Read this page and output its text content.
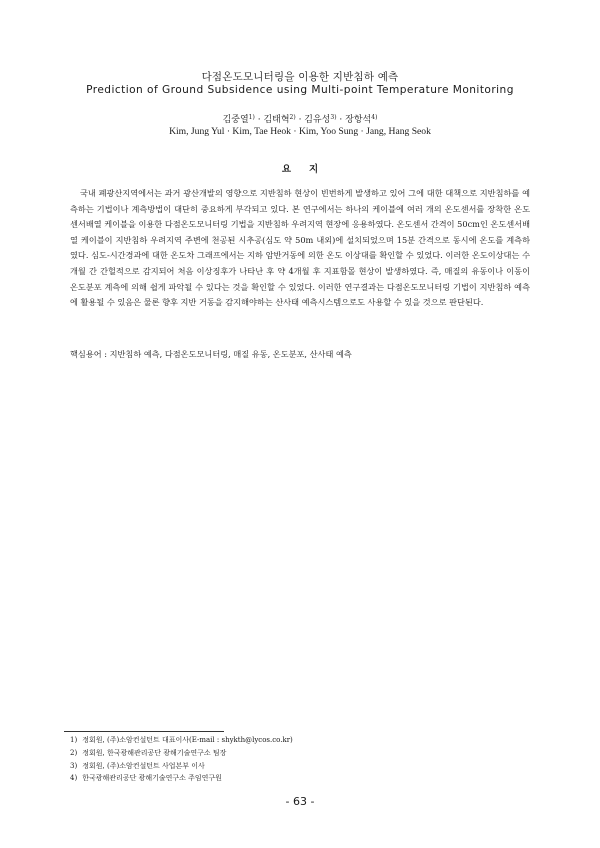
다점온도모니터링을 이용한 지반침하 예측
Prediction of Ground Subsidence using Multi-point Temperature Monitoring
김중열$^{1)}$ · 김태혁$^{2)}$ · 김유성$^{3)}$ · 장항석$^{4)}$
Kim, Jung Yul · Kim, Tae Heok · Kim, Yoo Sung · Jang, Hang Seok
요지

국내 폐광산지역에서는 과거 광산개발의 영향으로 지반침하 현상이 빈번하게 발생하고 있어 그에 대한 대책으로 지반침하를 예측하는 기법이나 계측방법이 대단히 중요하게 부각되고 있다. 본 연구에서는 하나의 케이블에 여러 개의 온도센서를 장착한 온도센서배열 케이블을 이용한 다점온도모니터링 기법을 지반침하 우려지역 현장에 응용하였다. 온도센서 간격이 50cm인 온도센서배열 케이블이 지반침하 우려지역 주변에 천공된 시추공(심도 약 50m 내외)에 설치되었으며 15분 간격으로 동시에 온도를 계측하였다. 심도-시간경과에 대한 온도차 그래프에서는 지하 암반거동에 의한 온도 이상대를 확인할 수 있었다. 이러한 온도이상대는 수개월 간 간헐적으로 감지되어 처음 이상징후가 나타난 후 약 4개월 후 지표함몰 현상이 발생하였다. 즉, 매질의 유동이나 이동이 온도분포 계측에 의해 쉽게 파악될 수 있다는 것을 확인할 수 있었다. 이러한 연구결과는 다점온도모니터링 기법이 지반침하 예측에 활용될 수 있음은 물론 향후 지반 거동을 감지해야하는 산사태 예측시스템으로도 사용할 수 있을 것으로 판단된다.

핵심용어 : 지반침하 예측, 다점온도모니터링, 매질 유동, 온도분포, 산사태 예측
1) 정회원, (주)소암컨설턴트 대표이사(E-mail : shykth@lycos.co.kr)
2) 정회원, 한국광해관리공단 광해기술연구소 팀장
3) 정회원, (주)소암컨설턴트 사업본부 이사
4) 한국광해관리공단 광해기술연구소 주임연구원
- 63 -
